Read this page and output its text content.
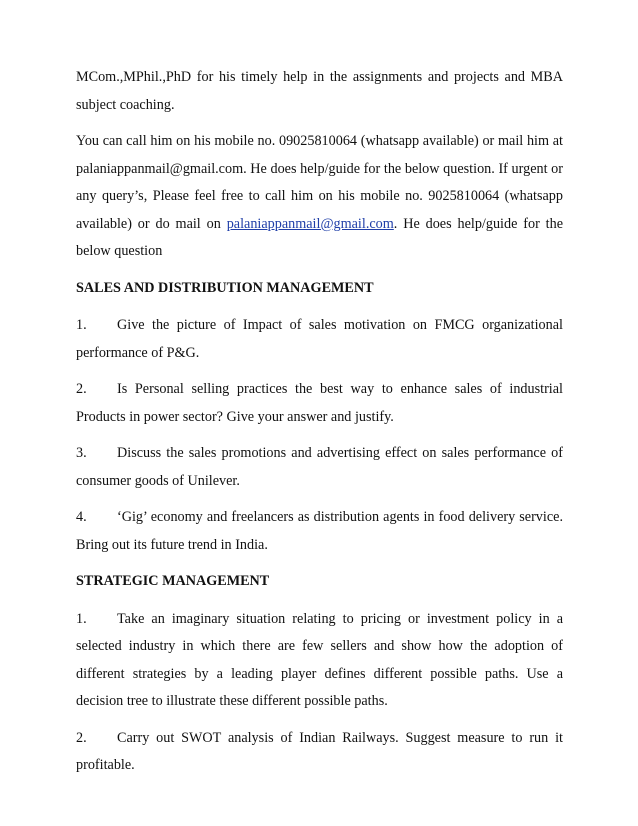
MCom.,MPhil.,PhD for his timely help in the assignments and projects and MBA subject coaching.

You can call him on his mobile no. 09025810064 (whatsapp available) or mail him at palaniappanmail@gmail.com. He does help/guide for the below question. If urgent or any query’s, Please feel free to call him on his mobile no. 9025810064 (whatsapp available) or do mail on palaniappanmail@gmail.com. He does help/guide for the below question

SALES AND DISTRIBUTION MANAGEMENT

1. Give the picture of Impact of sales motivation on FMCG organizational performance of P&G.

2. Is Personal selling practices the best way to enhance sales of industrial Products in power sector? Give your answer and justify.

3. Discuss the sales promotions and advertising effect on sales performance of consumer goods of Unilever.

4. ‘Gig’ economy and freelancers as distribution agents in food delivery service. Bring out its future trend in India.

STRATEGIC MANAGEMENT

1. Take an imaginary situation relating to pricing or investment policy in a selected industry in which there are few sellers and show how the adoption of different strategies by a leading player defines different possible paths. Use a decision tree to illustrate these different possible paths.

2. Carry out SWOT analysis of Indian Railways. Suggest measure to run it profitable.
